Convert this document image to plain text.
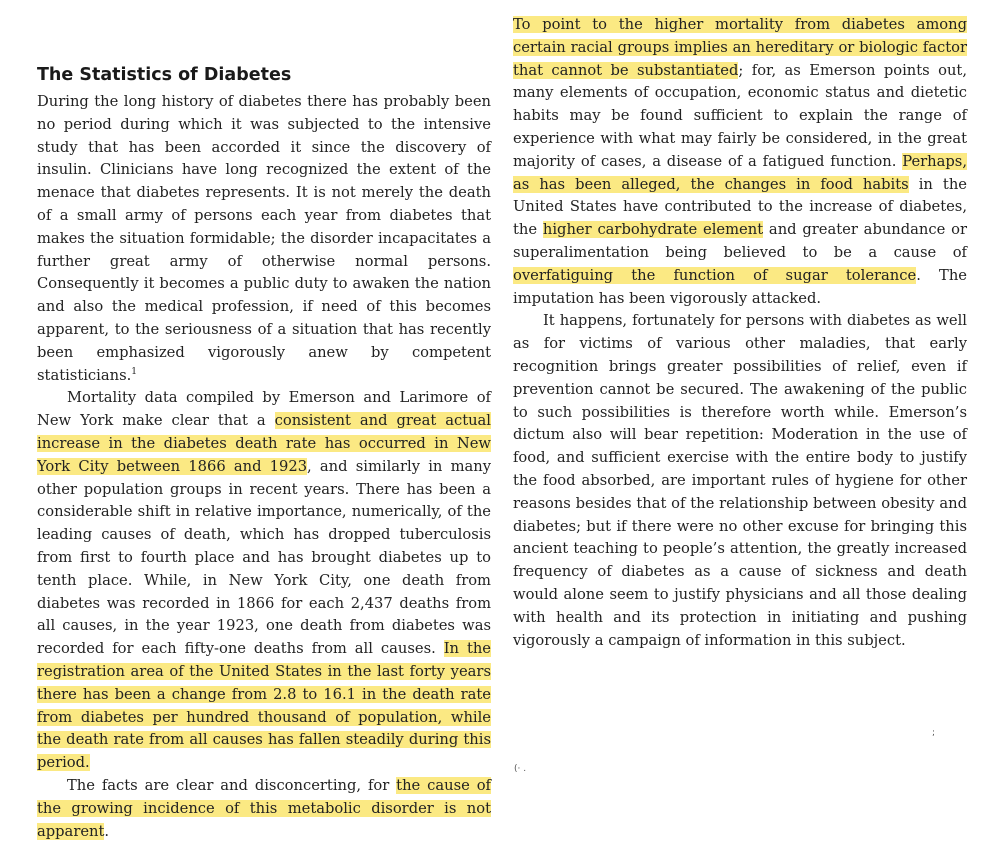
The Statistics of Diabetes

During the long history of diabetes there has probably been no period during which it was subjected to the intensive study that has been accorded it since the discovery of insulin. Clinicians have long recognized the extent of the menace that diabetes represents. It is not merely the death of a small army of persons each year from diabetes that makes the situation formidable; the disorder incapacitates a further great army of otherwise normal persons. Consequently it becomes a public duty to awaken the nation and also the medical profession, if need of this becomes apparent, to the seriousness of a situation that has recently been emphasized vigorously anew by competent statisticians.$^1$

Mortality data compiled by Emerson and Larimore of New York make clear that a consistent and great actual increase in the diabetes death rate has occurred in New York City between 1866 and 1923, and similarly in many other population groups in recent years. There has been a considerable shift in relative importance, numerically, of the leading causes of death, which has dropped tuberculosis from first to fourth place and has brought diabetes up to tenth place. While, in New York City, one death from diabetes was recorded in 1866 for each 2,437 deaths from all causes, in the year 1923, one death from diabetes was recorded for each fifty-one deaths from all causes. In the registration area of the United States in the last forty years there has been a change from 2.8 to 16.1 in the death rate from diabetes per hundred thousand of population, while the death rate from all causes has fallen steadily during this period.

The facts are clear and disconcerting, for the cause of the growing incidence of this metabolic disorder is not apparent.

To point to the higher mortality from diabetes among certain racial groups implies an hereditary or biologic factor that cannot be substantiated; for, as Emerson points out, many elements of occupation, economic status and dietetic habits may be found sufficient to explain the range of experience with what may fairly be considered, in the great majority of cases, a disease of a fatigued function. Perhaps, as has been alleged, the changes in food habits in the United States have contributed to the increase of diabetes, the higher carbohydrate element and greater abundance or superalimentation being believed to be a cause of overfatiguing the function of sugar tolerance. The imputation has been vigorously attacked.

It happens, fortunately for persons with diabetes as well as for victims of various other maladies, that early recognition brings greater possibilities of relief, even if prevention cannot be secured. The awakening of the public to such possibilities is therefore worth while. Emerson’s dictum also will bear repetition: Moderation in the use of food, and sufficient exercise with the entire body to justify the food absorbed, are important rules of hygiene for other reasons besides that of the relationship between obesity and diabetes; but if there were no other excuse for bringing this ancient teaching to people’s attention, the greatly increased frequency of diabetes as a cause of sickness and death would alone seem to justify physicians and all those dealing with health and its protection in initiating and pushing vigorously a campaign of information in this subject.

(· .
;
